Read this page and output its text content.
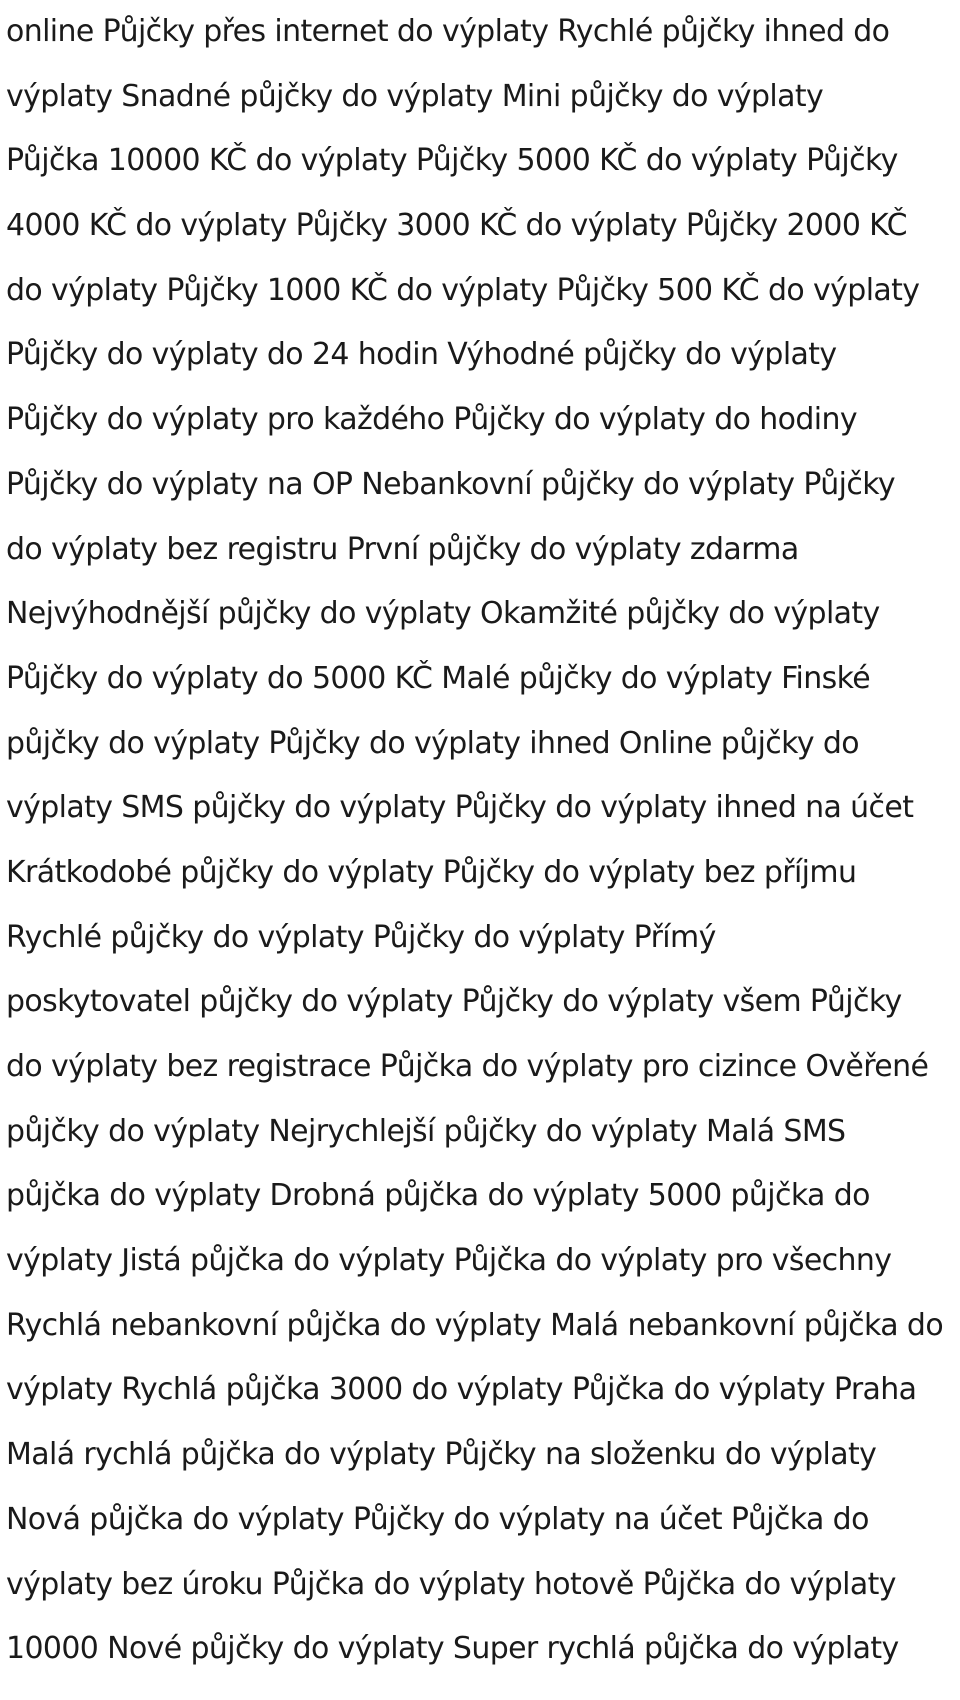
online Půjčky přes internet do výplaty Rychlé půjčky ihned do
výplaty Snadné půjčky do výplaty Mini půjčky do výplaty
Půjčka 10000 KČ do výplaty Půjčky 5000 KČ do výplaty Půjčky
4000 KČ do výplaty Půjčky 3000 KČ do výplaty Půjčky 2000 KČ
do výplaty Půjčky 1000 KČ do výplaty Půjčky 500 KČ do výplaty
Půjčky do výplaty do 24 hodin Výhodné půjčky do výplaty
Půjčky do výplaty pro každého Půjčky do výplaty do hodiny
Půjčky do výplaty na OP Nebankovní půjčky do výplaty Půjčky
do výplaty bez registru První půjčky do výplaty zdarma
Nejvýhodnější půjčky do výplaty Okamžité půjčky do výplaty
Půjčky do výplaty do 5000 KČ Malé půjčky do výplaty Finské
půjčky do výplaty Půjčky do výplaty ihned Online půjčky do
výplaty SMS půjčky do výplaty Půjčky do výplaty ihned na účet
Krátkodobé půjčky do výplaty Půjčky do výplaty bez příjmu
Rychlé půjčky do výplaty Půjčky do výplaty Přímý
poskytovatel půjčky do výplaty Půjčky do výplaty všem Půjčky
do výplaty bez registrace Půjčka do výplaty pro cizince Ověřené
půjčky do výplaty Nejrychlejší půjčky do výplaty Malá SMS
půjčka do výplaty Drobná půjčka do výplaty 5000 půjčka do
výplaty Jistá půjčka do výplaty Půjčka do výplaty pro všechny
Rychlá nebankovní půjčka do výplaty Malá nebankovní půjčka do
výplaty Rychlá půjčka 3000 do výplaty Půjčka do výplaty Praha
Malá rychlá půjčka do výplaty Půjčky na složenku do výplaty
Nová půjčka do výplaty Půjčky do výplaty na účet Půjčka do
výplaty bez úroku Půjčka do výplaty hotově Půjčka do výplaty
10000 Nové půjčky do výplaty Super rychlá půjčka do výplaty
